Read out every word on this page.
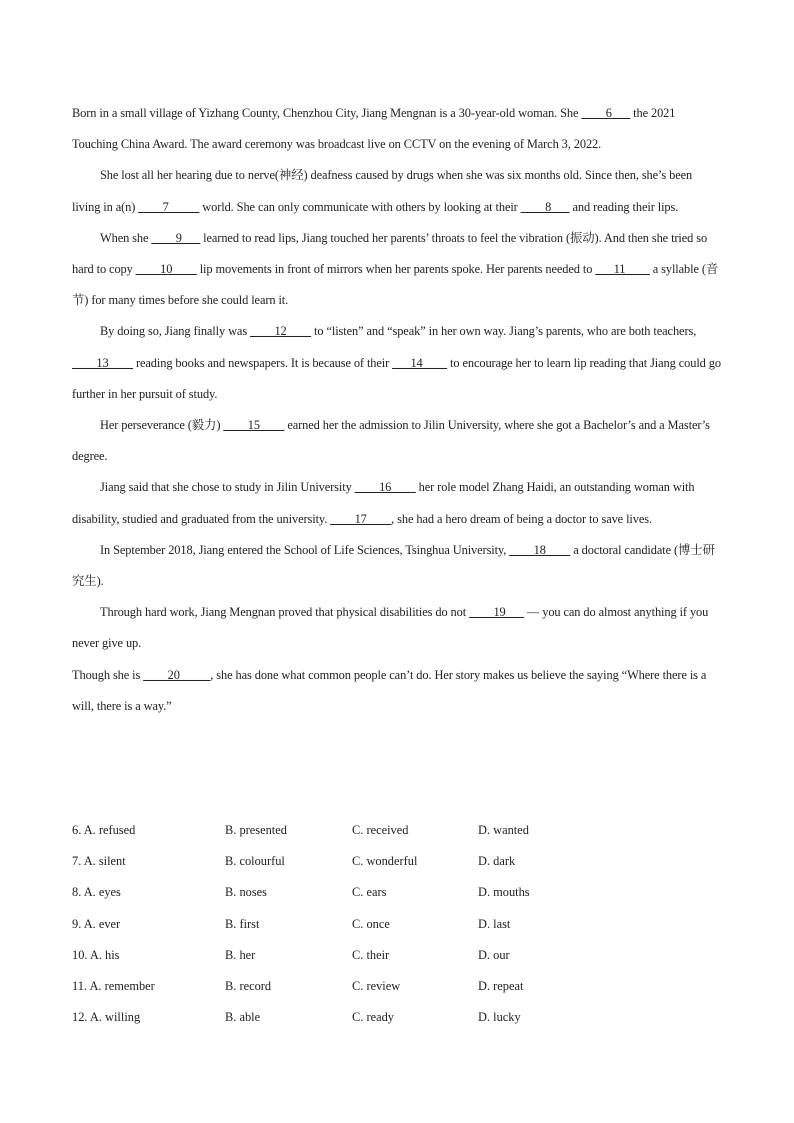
Born in a small village of Yizhang County, Chenzhou City, Jiang Mengnan is a 30-year-old woman. She ____6___ the 2021 Touching China Award. The award ceremony was broadcast live on CCTV on the evening of March 3, 2022.

She lost all her hearing due to nerve(神经) deafness caused by drugs when she was six months old. Since then, she’s been living in a(n) ____7_____ world. She can only communicate with others by looking at their ____8___ and reading their lips.

When she ____9___ learned to read lips, Jiang touched her parents’ throats to feel the vibration (振动). And then she tried so hard to copy ____10____ lip movements in front of mirrors when her parents spoke. Her parents needed to ___11____ a syllable (音节) for many times before she could learn it.

By doing so, Jiang finally was ____12____ to “listen” and “speak” in her own way. Jiang’s parents, who are both teachers, ____13____ reading books and newspapers. It is because of their ___14____ to encourage her to learn lip reading that Jiang could go further in her pursuit of study.

Her perseverance (毅力) ____15____ earned her the admission to Jilin University, where she got a Bachelor’s and a Master’s degree.

Jiang said that she chose to study in Jilin University ____16____ her role model Zhang Haidi, an outstanding woman with disability, studied and graduated from the university. ____17____, she had a hero dream of being a doctor to save lives.

In September 2018, Jiang entered the School of Life Sciences, Tsinghua University, ____18____ a doctoral candidate (博士研究生).

Through hard work, Jiang Mengnan proved that physical disabilities do not ____19___ — you can do almost anything if you never give up.

Though she is ____20_____, she has done what common people can’t do. Her story makes us believe the saying “Where there is a will, there is a way.”

6. A. refused	B. presented	C. received	D. wanted
7. A. silent	B. colourful	C. wonderful	D. dark
8. A. eyes	B. noses	C. ears	D. mouths
9. A. ever	B. first	C. once	D. last
10. A. his	B. her	C. their	D. our
11. A. remember	B. record	C. review	D. repeat
12. A. willing	B. able	C. ready	D. lucky
